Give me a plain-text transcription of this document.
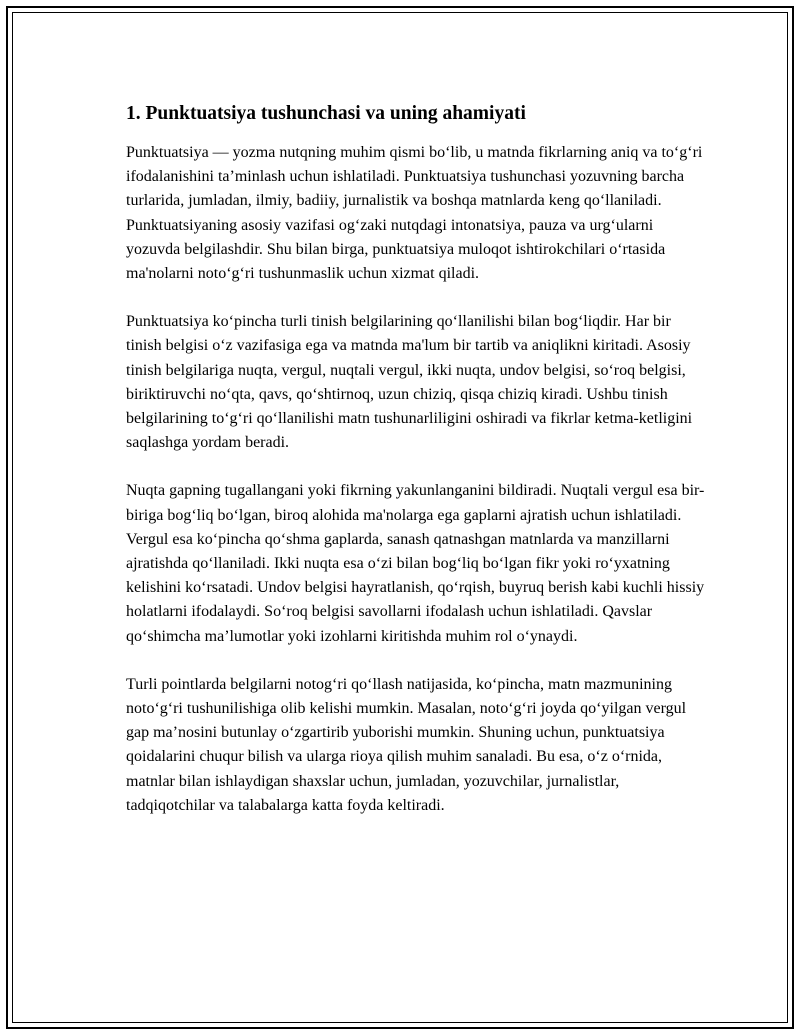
1. Punktuatsiya tushunchasi va uning ahamiyati

Punktuatsiya — yozma nutqning muhim qismi bo‘lib, u matnda fikrlarning aniq va to‘g‘ri ifodalanishini ta’minlash uchun ishlatiladi. Punktuatsiya tushunchasi yozuvning barcha turlarida, jumladan, ilmiy, badiiy, jurnalistik va boshqa matnlarda keng qo‘llaniladi. Punktuatsiyaning asosiy vazifasi og‘zaki nutqdagi intonatsiya, pauza va urg‘ularni yozuvda belgilashdir. Shu bilan birga, punktuatsiya muloqot ishtirokchilari o‘rtasida ma'nolarni noto‘g‘ri tushunmaslik uchun xizmat qiladi.

Punktuatsiya ko‘pincha turli tinish belgilarining qo‘llanilishi bilan bog‘liqdir. Har bir tinish belgisi o‘z vazifasiga ega va matnda ma'lum bir tartib va aniqlikni kiritadi. Asosiy tinish belgilariga nuqta, vergul, nuqtali vergul, ikki nuqta, undov belgisi, so‘roq belgisi, biriktiruvchi no‘qta, qavs, qo‘shtirnoq, uzun chiziq, qisqa chiziq kiradi. Ushbu tinish belgilarining to‘g‘ri qo‘llanilishi matn tushunarliligini oshiradi va fikrlar ketma-ketligini saqlashga yordam beradi.

Nuqta gapning tugallangani yoki fikrning yakunlanganini bildiradi. Nuqtali vergul esa bir-biriga bog‘liq bo‘lgan, biroq alohida ma'nolarga ega gaplarni ajratish uchun ishlatiladi. Vergul esa ko‘pincha qo‘shma gaplarda, sanash qatnashgan matnlarda va manzillarni ajratishda qo‘llaniladi. Ikki nuqta esa o‘zi bilan bog‘liq bo‘lgan fikr yoki ro‘yxatning kelishini ko‘rsatadi. Undov belgisi hayratlanish, qo‘rqish, buyruq berish kabi kuchli hissiy holatlarni ifodalaydi. So‘roq belgisi savollarni ifodalash uchun ishlatiladi. Qavslar qo‘shimcha ma’lumotlar yoki izohlarni kiritishda muhim rol o‘ynaydi.

Turli pointlarda belgilarni notog‘ri qo‘llash natijasida, ko‘pincha, matn mazmunining noto‘g‘ri tushunilishiga olib kelishi mumkin. Masalan, noto‘g‘ri joyda qo‘yilgan vergul gap ma’nosini butunlay o‘zgartirib yuborishi mumkin. Shuning uchun, punktuatsiya qoidalarini chuqur bilish va ularga rioya qilish muhim sanaladi. Bu esa, o‘z o‘rnida, matnlar bilan ishlaydigan shaxslar uchun, jumladan, yozuvchilar, jurnalistlar, tadqiqotchilar va talabalarga katta foyda keltiradi.
